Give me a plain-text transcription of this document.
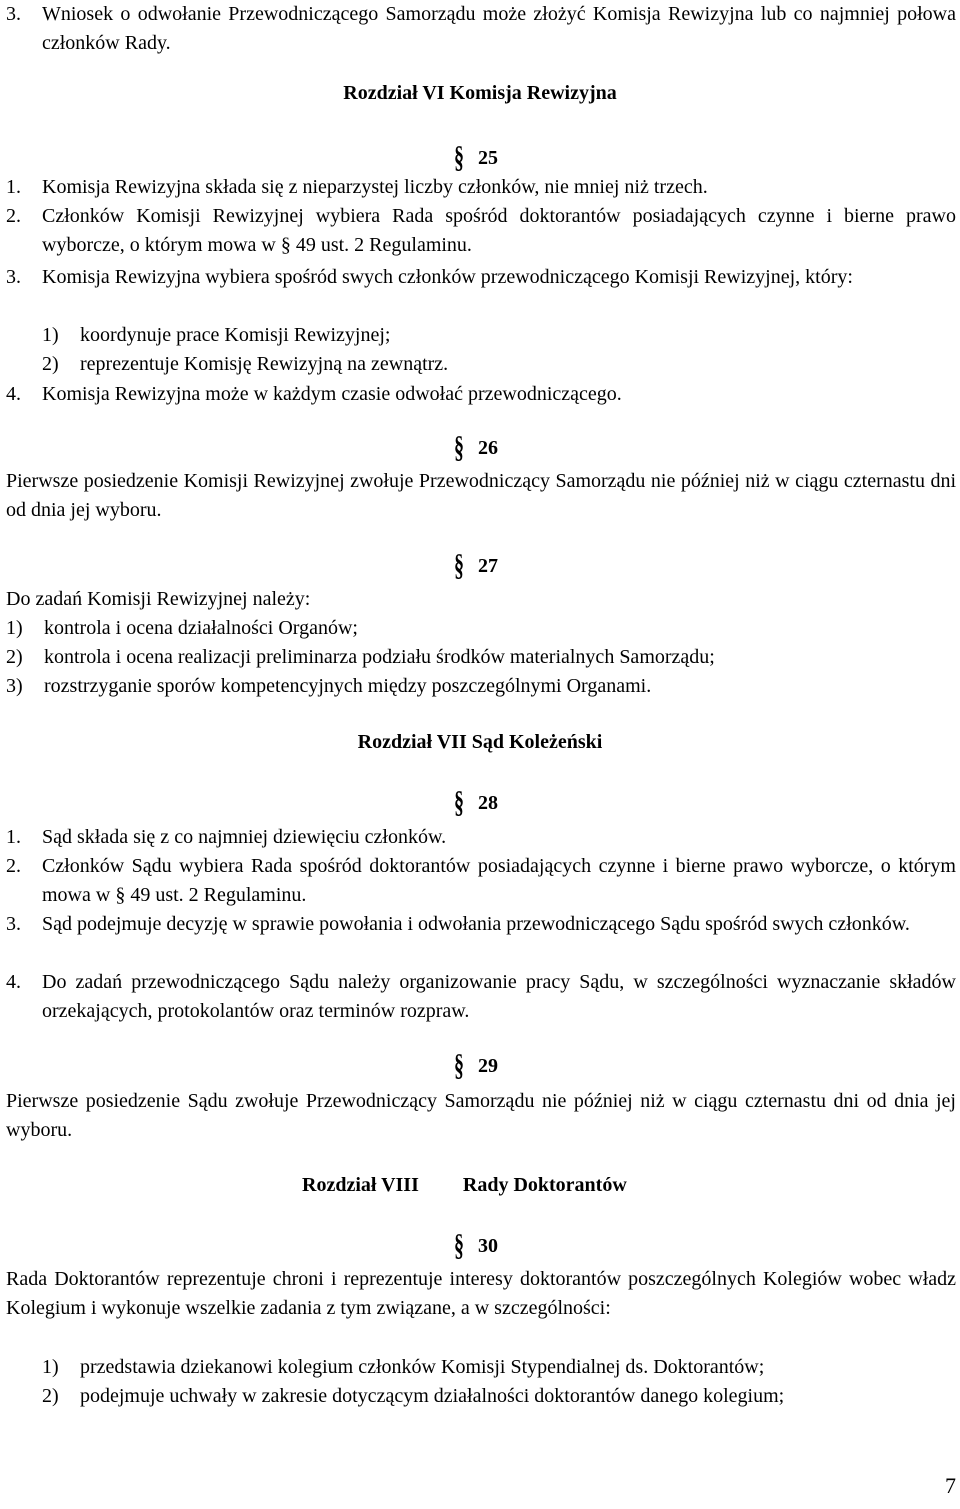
3. Wniosek o odwołanie Przewodniczącego Samorządu może złożyć Komisja Rewizyjna lub co najmniej połowa członków Rady.
Rozdział VI Komisja Rewizyjna
§ 25
1. Komisja Rewizyjna składa się z nieparzystej liczby członków, nie mniej niż trzech.
2. Członków Komisji Rewizyjnej wybiera Rada spośród doktorantów posiadających czynne i bierne prawo wyborcze, o którym mowa w § 49 ust. 2 Regulaminu.
3. Komisja Rewizyjna wybiera spośród swych członków przewodniczącego Komisji Rewizyjnej, który:
1) koordynuje prace Komisji Rewizyjnej;
2) reprezentuje Komisję Rewizyjną na zewnątrz.
4. Komisja Rewizyjna może w każdym czasie odwołać przewodniczącego.
§ 26
Pierwsze posiedzenie Komisji Rewizyjnej zwołuje Przewodniczący Samorządu nie później niż w ciągu czternastu dni od dnia jej wyboru.
§ 27
Do zadań Komisji Rewizyjnej należy:
1) kontrola i ocena działalności Organów;
2) kontrola i ocena realizacji preliminarza podziału środków materialnych Samorządu;
3) rozstrzyganie sporów kompetencyjnych między poszczególnymi Organami.
Rozdział VII Sąd Koleżeński
§ 28
1. Sąd składa się z co najmniej dziewięciu członków.
2. Członków Sądu wybiera Rada spośród doktorantów posiadających czynne i bierne prawo wyborcze, o którym mowa w § 49 ust. 2 Regulaminu.
3. Sąd podejmuje decyzję w sprawie powołania i odwołania przewodniczącego Sądu spośród swych członków.
4. Do zadań przewodniczącego Sądu należy organizowanie pracy Sądu, w szczególności wyznaczanie składów orzekających, protokolantów oraz terminów rozpraw.
§ 29
Pierwsze posiedzenie Sądu zwołuje Przewodniczący Samorządu nie później niż w ciągu czternastu dni od dnia jej wyboru.
Rozdział VIII Rady Doktorantów
§ 30
Rada Doktorantów reprezentuje chroni i reprezentuje interesy doktorantów poszczególnych Kolegiów wobec władz Kolegium i wykonuje wszelkie zadania z tym związane, a w szczególności:
1) przedstawia dziekanowi kolegium członków Komisji Stypendialnej ds. Doktorantów;
2) podejmuje uchwały w zakresie dotyczącym działalności doktorantów danego kolegium;
7
